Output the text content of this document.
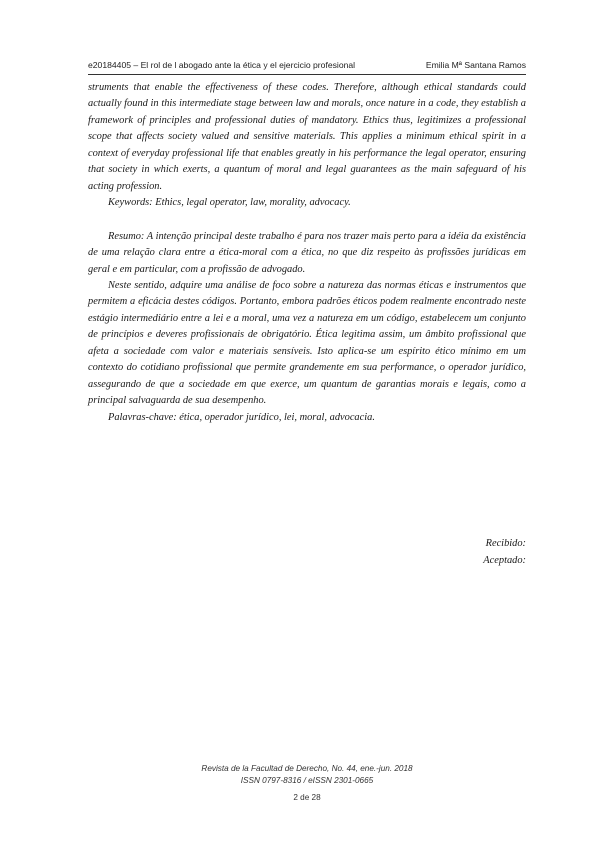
e20184405 – El rol de l abogado ante la ética y el ejercicio profesional	Emilia Mª Santana Ramos

struments that enable the effectiveness of these codes. Therefore, although ethical standards could actually found in this intermediate stage between law and morals, once nature in a code, they establish a framework of principles and professional duties of mandatory. Ethics thus, legitimizes a professional scope that affects society valued and sensitive materials. This applies a minimum ethical spirit in a context of everyday professional life that enables greatly in his performance the legal operator, ensuring that society in which exerts, a quantum of moral and legal guarantees as the main safeguard of his acting profession.

Keywords: Ethics, legal operator, law, morality, advocacy.

Resumo: A intenção principal deste trabalho é para nos trazer mais perto para a idéia da existência de uma relação clara entre a ética-moral com a ética, no que diz respeito às profissões jurídicas em geral e em particular, com a profissão de advogado.

Neste sentido, adquire uma análise de foco sobre a natureza das normas éticas e instrumentos que permitem a eficácia destes códigos. Portanto, embora padrões éticos podem realmente encontrado neste estágio intermediário entre a lei e a moral, uma vez a natureza em um código, estabelecem um conjunto de princípios e deveres profissionais de obrigatório. Ética legitima assim, um âmbito profissional que afeta a sociedade com valor e materiais sensíveis. Isto aplica-se um espírito ético mínimo em um contexto do cotidiano profissional que permite grandemente em sua performance, o operador jurídico, assegurando de que a sociedade em que exerce, um quantum de garantias morais e legais, como a principal salvaguarda de sua desempenho.

Palavras-chave: ética, operador jurídico, lei, moral, advocacia.

Recibido:
Aceptado:
Revista de la Facultad de Derecho, No. 44, ene.-jun. 2018
ISSN 0797-8316 / eISSN 2301-0665
2 de 28
